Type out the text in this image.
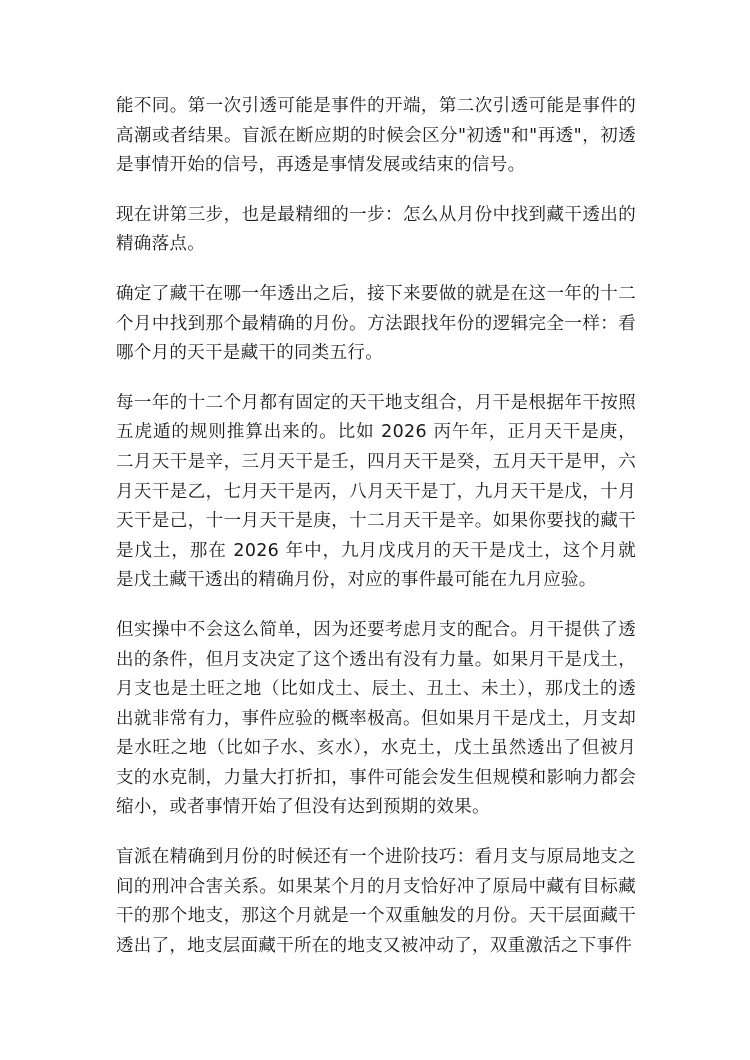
能不同。第一次引透可能是事件的开端，第二次引透可能是事件的高潮或者结果。盲派在断应期的时候会区分"初透"和"再透"，初透是事情开始的信号，再透是事情发展或结束的信号。

现在讲第三步，也是最精细的一步：怎么从月份中找到藏干透出的精确落点。

确定了藏干在哪一年透出之后，接下来要做的就是在这一年的十二个月中找到那个最精确的月份。方法跟找年份的逻辑完全一样：看哪个月的天干是藏干的同类五行。

每一年的十二个月都有固定的天干地支组合，月干是根据年干按照五虎遁的规则推算出来的。比如 2026 丙午年，正月天干是庚，二月天干是辛，三月天干是壬，四月天干是癸，五月天干是甲，六月天干是乙，七月天干是丙，八月天干是丁，九月天干是戊，十月天干是己，十一月天干是庚，十二月天干是辛。如果你要找的藏干是戊土，那在 2026 年中，九月戊戌月的天干是戊土，这个月就是戊土藏干透出的精确月份，对应的事件最可能在九月应验。

但实操中不会这么简单，因为还要考虑月支的配合。月干提供了透出的条件，但月支决定了这个透出有没有力量。如果月干是戊土，月支也是土旺之地（比如戊土、辰土、丑土、未土），那戊土的透出就非常有力，事件应验的概率极高。但如果月干是戊土，月支却是水旺之地（比如子水、亥水），水克土，戊土虽然透出了但被月支的水克制，力量大打折扣，事件可能会发生但规模和影响力都会缩小，或者事情开始了但没有达到预期的效果。

盲派在精确到月份的时候还有一个进阶技巧：看月支与原局地支之间的刑冲合害关系。如果某个月的月支恰好冲了原局中藏有目标藏干的那个地支，那这个月就是一个双重触发的月份。天干层面藏干透出了，地支层面藏干所在的地支又被冲动了，双重激活之下事件
